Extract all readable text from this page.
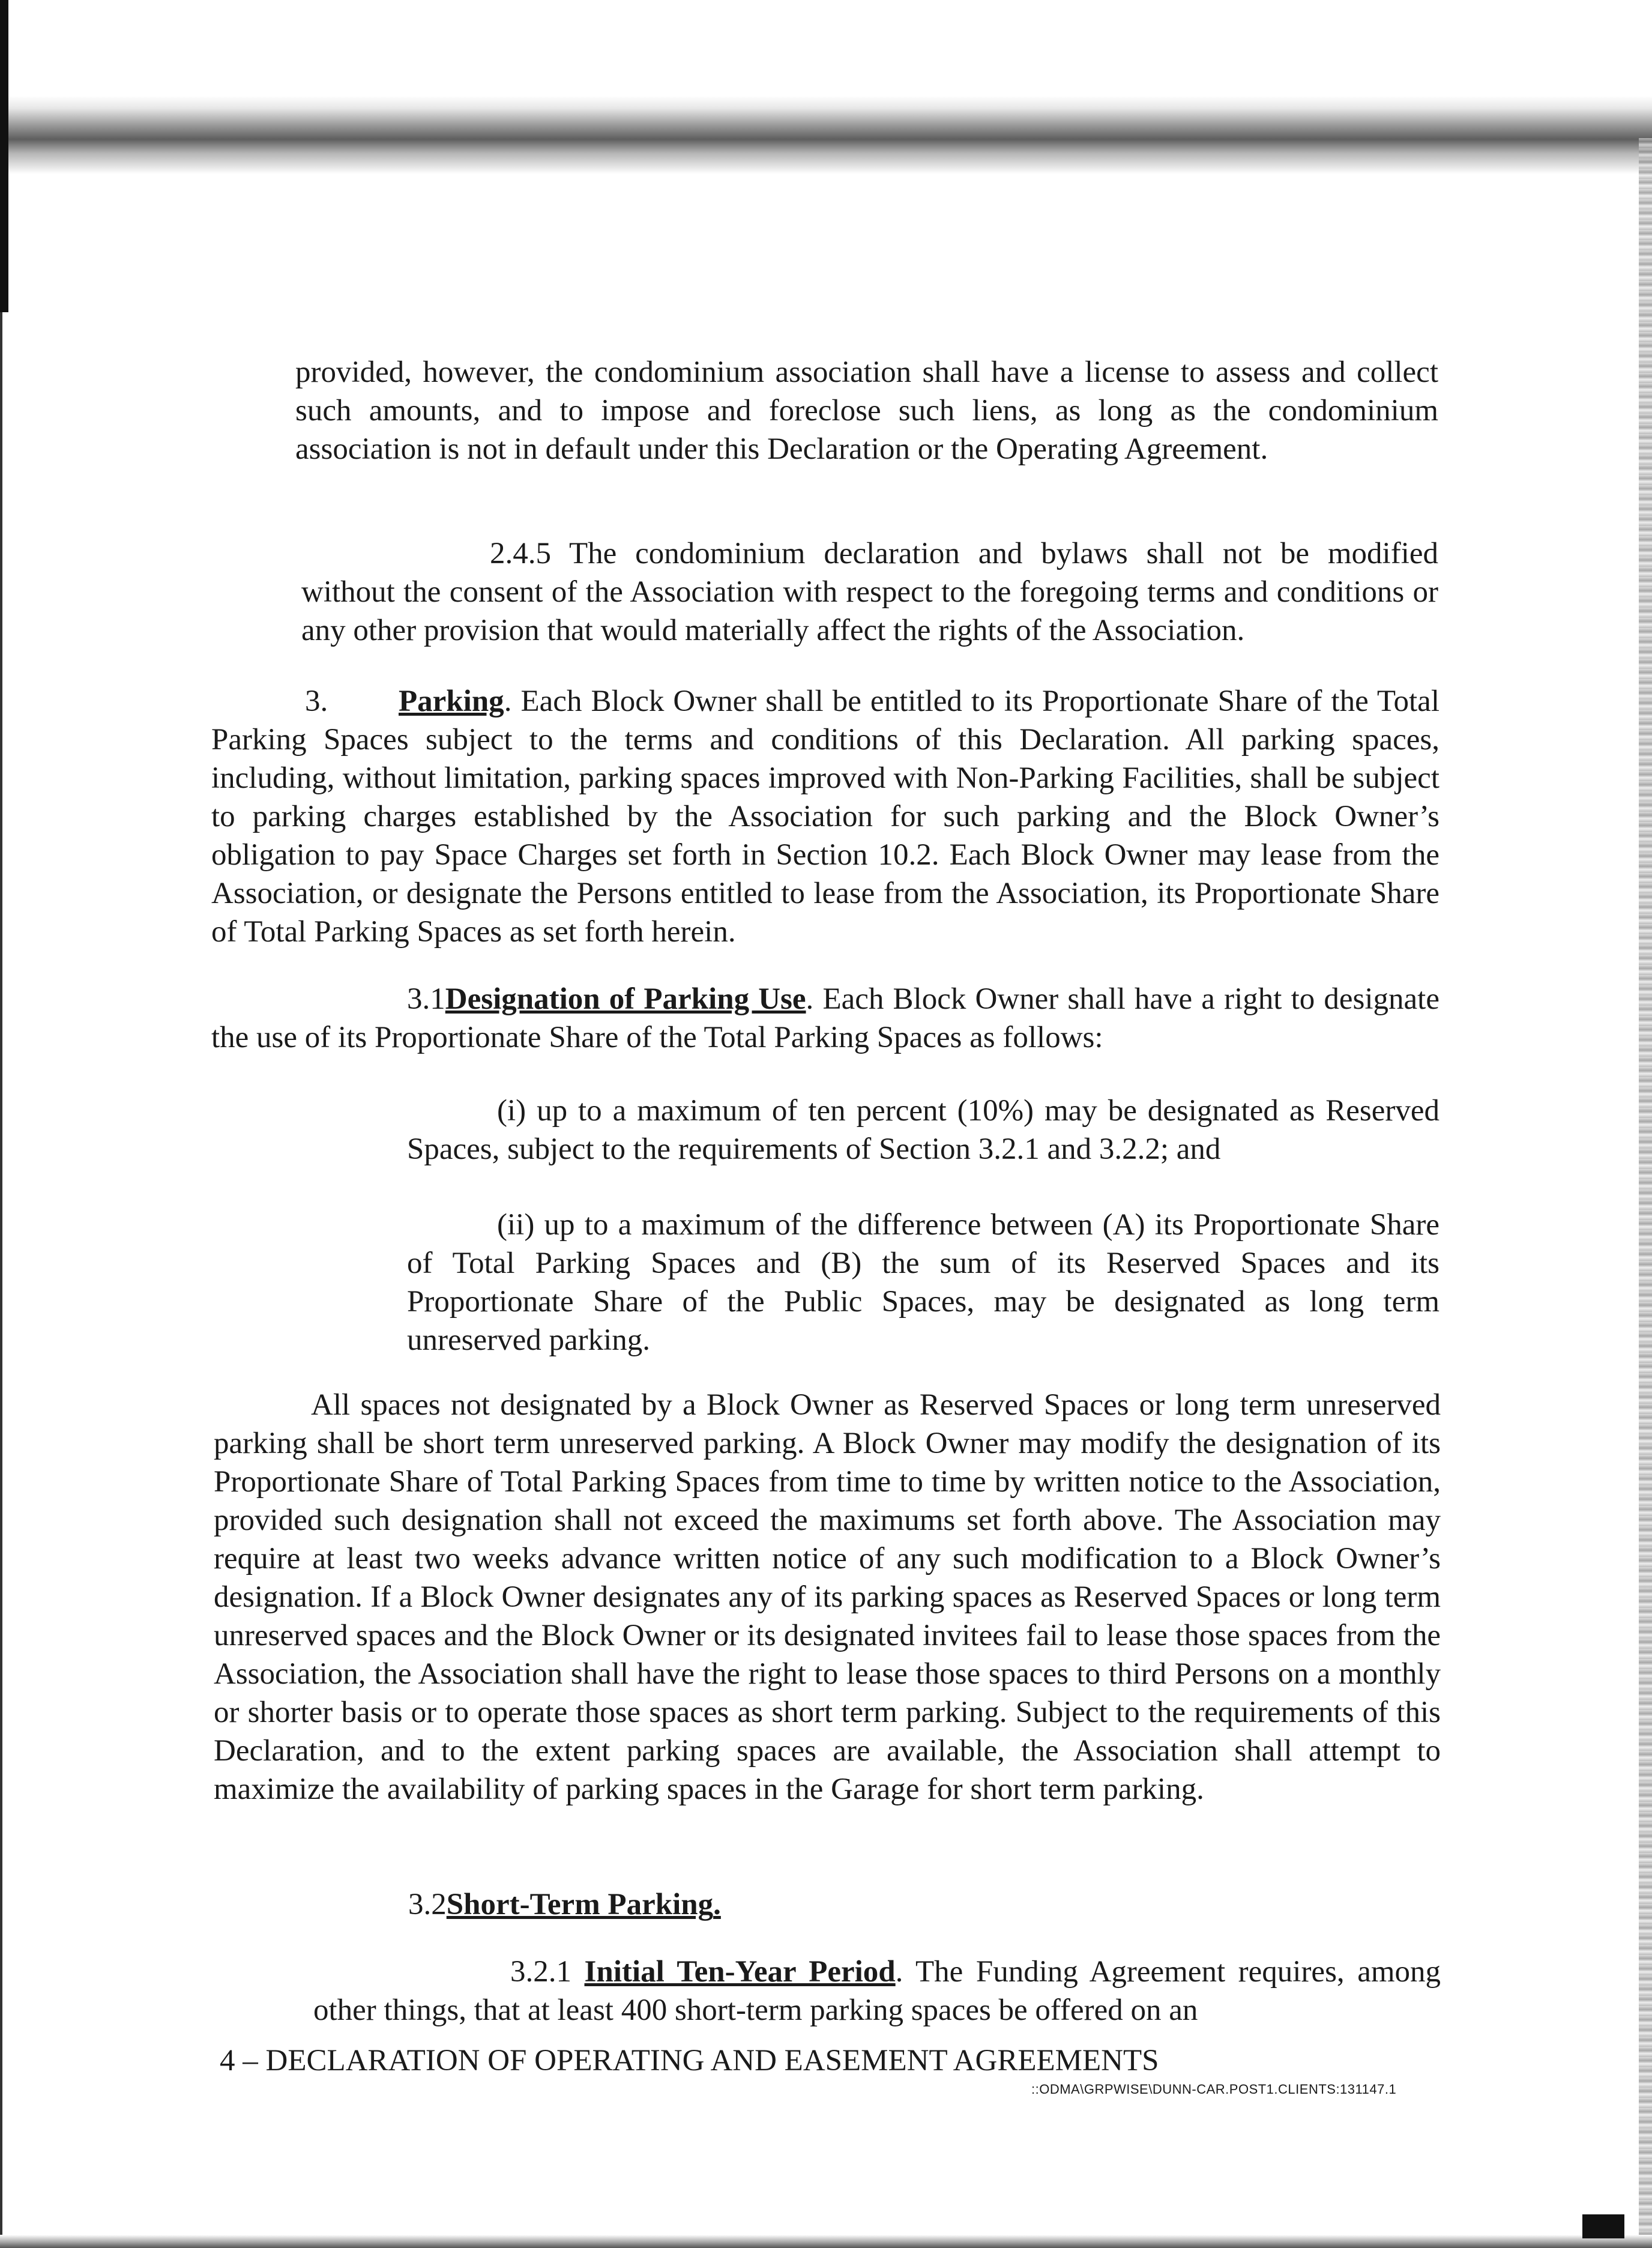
provided, however, the condominium association shall have a license to assess and collect such amounts, and to impose and foreclose such liens, as long as the condominium association is not in default under this Declaration or the Operating Agreement.

2.4.5 The condominium declaration and bylaws shall not be modified without the consent of the Association with respect to the foregoing terms and conditions or any other provision that would materially affect the rights of the Association.

3. Parking. Each Block Owner shall be entitled to its Proportionate Share of the Total Parking Spaces subject to the terms and conditions of this Declaration. All parking spaces, including, without limitation, parking spaces improved with Non-Parking Facilities, shall be subject to parking charges established by the Association for such parking and the Block Owner’s obligation to pay Space Charges set forth in Section 10.2. Each Block Owner may lease from the Association, or designate the Persons entitled to lease from the Association, its Proportionate Share of Total Parking Spaces as set forth herein.

3.1Designation of Parking Use. Each Block Owner shall have a right to designate the use of its Proportionate Share of the Total Parking Spaces as follows:

(i) up to a maximum of ten percent (10%) may be designated as Reserved Spaces, subject to the requirements of Section 3.2.1 and 3.2.2; and

(ii) up to a maximum of the difference between (A) its Proportionate Share of Total Parking Spaces and (B) the sum of its Reserved Spaces and its Proportionate Share of the Public Spaces, may be designated as long term unreserved parking.

All spaces not designated by a Block Owner as Reserved Spaces or long term unreserved parking shall be short term unreserved parking. A Block Owner may modify the designation of its Proportionate Share of Total Parking Spaces from time to time by written notice to the Association, provided such designation shall not exceed the maximums set forth above. The Association may require at least two weeks advance written notice of any such modification to a Block Owner’s designation. If a Block Owner designates any of its parking spaces as Reserved Spaces or long term unreserved spaces and the Block Owner or its designated invitees fail to lease those spaces from the Association, the Association shall have the right to lease those spaces to third Persons on a monthly or shorter basis or to operate those spaces as short term parking. Subject to the requirements of this Declaration, and to the extent parking spaces are available, the Association shall attempt to maximize the availability of parking spaces in the Garage for short term parking.

3.2Short-Term Parking.

3.2.1 Initial Ten-Year Period. The Funding Agreement requires, among other things, that at least 400 short-term parking spaces be offered on an

4 – DECLARATION OF OPERATING AND EASEMENT AGREEMENTS
::ODMA\GRPWISE\DUNN-CAR.POST1.CLIENTS:131147.1
